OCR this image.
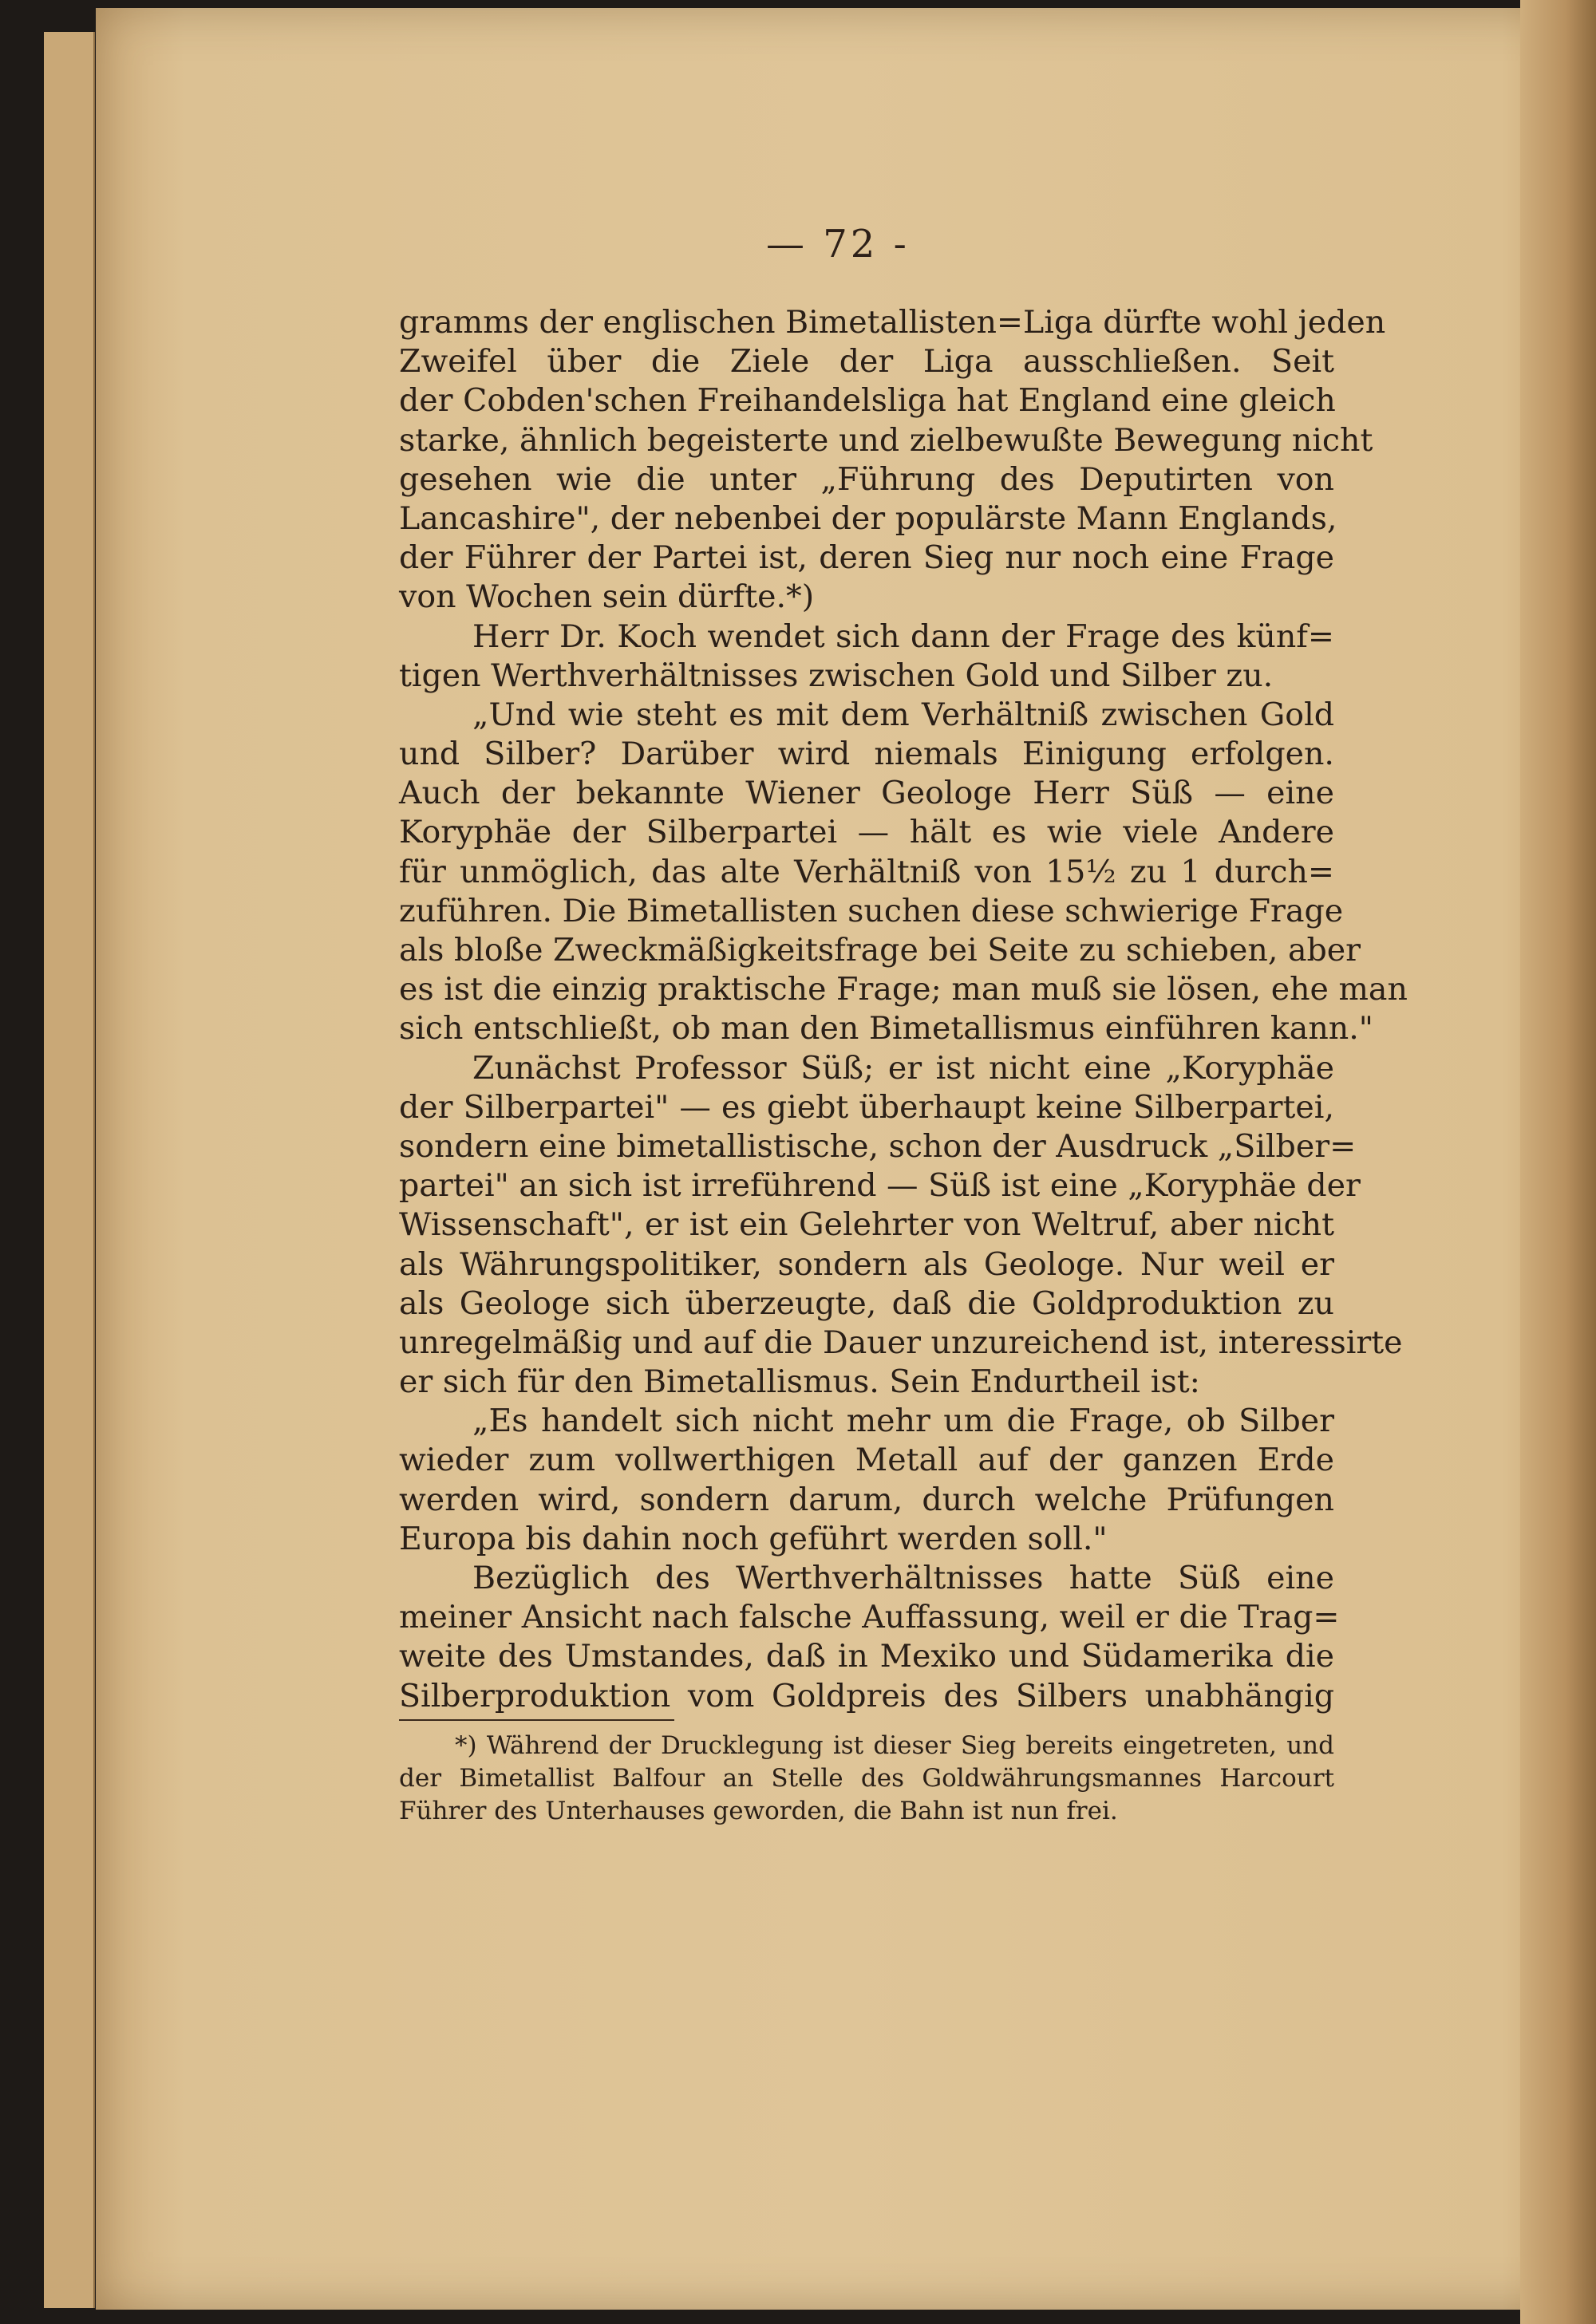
— 72 -
gramms der englischen Bimetallisten=Liga dürfte wohl jeden
Zweifel über die Ziele der Liga ausschließen. Seit
der Cobden'schen Freihandelsliga hat England eine gleich
starke, ähnlich begeisterte und zielbewußte Bewegung nicht
gesehen wie die unter „Führung des Deputirten von
Lancashire", der nebenbei der populärste Mann Englands,
der Führer der Partei ist, deren Sieg nur noch eine Frage
von Wochen sein dürfte.*)
Herr Dr. Koch wendet sich dann der Frage des künf=
tigen Werthverhältnisses zwischen Gold und Silber zu.
„Und wie steht es mit dem Verhältniß zwischen Gold
und Silber? Darüber wird niemals Einigung erfolgen.
Auch der bekannte Wiener Geologe Herr Süß — eine
Koryphäe der Silberpartei — hält es wie viele Andere
für unmöglich, das alte Verhältniß von 15½ zu 1 durch=
zuführen. Die Bimetallisten suchen diese schwierige Frage
als bloße Zweckmäßigkeitsfrage bei Seite zu schieben, aber
es ist die einzig praktische Frage; man muß sie lösen, ehe man
sich entschließt, ob man den Bimetallismus einführen kann."
Zunächst Professor Süß; er ist nicht eine „Koryphäe
der Silberpartei" — es giebt überhaupt keine Silberpartei,
sondern eine bimetallistische, schon der Ausdruck „Silber=
partei" an sich ist irreführend — Süß ist eine „Koryphäe der
Wissenschaft", er ist ein Gelehrter von Weltruf, aber nicht
als Währungspolitiker, sondern als Geologe. Nur weil er
als Geologe sich überzeugte, daß die Goldproduktion zu
unregelmäßig und auf die Dauer unzureichend ist, interessirte
er sich für den Bimetallismus. Sein Endurtheil ist:
„Es handelt sich nicht mehr um die Frage, ob Silber
wieder zum vollwerthigen Metall auf der ganzen Erde
werden wird, sondern darum, durch welche Prüfungen
Europa bis dahin noch geführt werden soll."
Bezüglich des Werthverhältnisses hatte Süß eine
meiner Ansicht nach falsche Auffassung, weil er die Trag=
weite des Umstandes, daß in Mexiko und Südamerika die
Silberproduktion vom Goldpreis des Silbers unabhängig
*) Während der Drucklegung ist dieser Sieg bereits eingetreten, und
der Bimetallist Balfour an Stelle des Goldwährungsmannes Harcourt
Führer des Unterhauses geworden, die Bahn ist nun frei.
